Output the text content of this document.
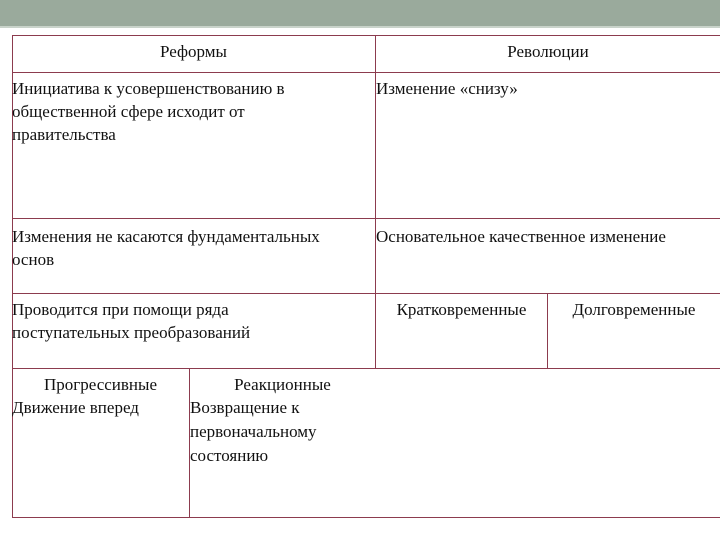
Реформы	Революции
Инициатива к усовершенствованию в
общественной сфере исходит от
правительства
Изменение «снизу»
Изменения не касаются фундаментальных
основ
Основательное качественное изменение
Проводится при помощи ряда
поступательных преобразований
Кратковременные	Долговременные
Прогрессивные
Движение вперед
Реакционные
Возвращение к
первоначальному
состоянию
